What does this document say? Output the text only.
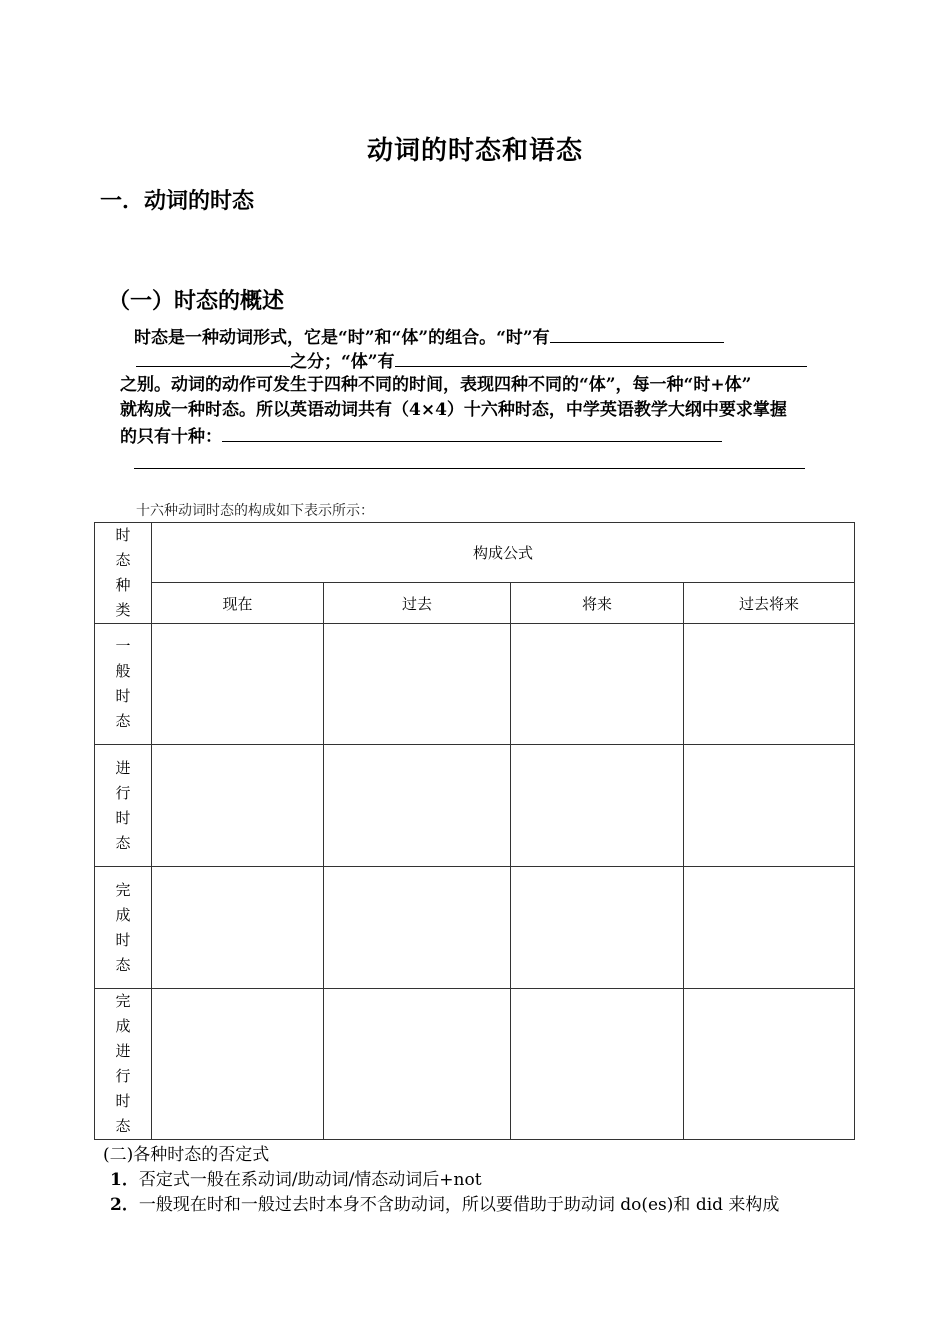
动词的时态和语态
一．动词的时态
（一）时态的概述
时态是一种动词形式，它是“时”和“体”的组合。“时”有
之分；“体”有
之别。动词的动作可发生于四种不同的时间，表现四种不同的“体”，每一种“时+体”
就构成一种时态。所以英语动词共有（4×4）十六种时态，中学英语教学大纲中要求掌握
的只有十种：
十六种动词时态的构成如下表示所示：
时态种类	构成公式			
	现在	过去	将来	过去将来
一般时态				
进行时态				
完成时态				
完成进行时态				
(二)各种时态的否定式
1．否定式一般在系动词/助动词/情态动词后+not
2．一般现在时和一般过去时本身不含助动词，所以要借助于助动词 do(es)和 did 来构成
